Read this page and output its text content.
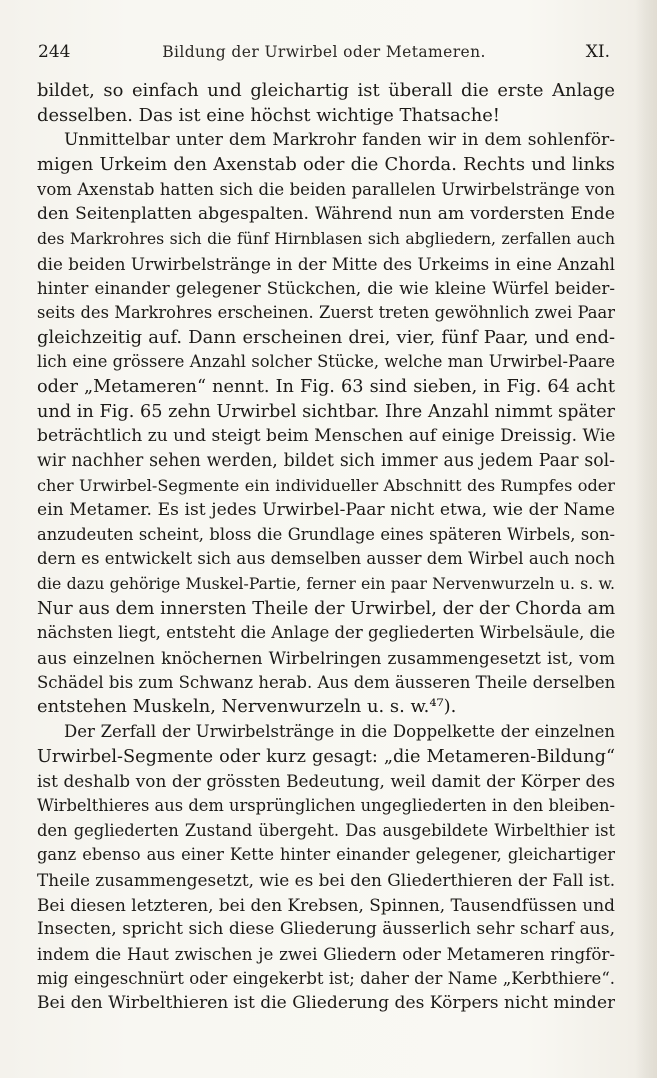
244	Bildung der Urwirbel oder Metameren.	XI.
bildet, so einfach und gleichartig ist überall die erste Anlage
desselben. Das ist eine höchst wichtige Thatsache!
Unmittelbar unter dem Markrohr fanden wir in dem sohlenför-
migen Urkeim den Axenstab oder die Chorda. Rechts und links
vom Axenstab hatten sich die beiden parallelen Urwirbelstränge von
den Seitenplatten abgespalten. Während nun am vordersten Ende
des Markrohres sich die fünf Hirnblasen sich abgliedern, zerfallen auch
die beiden Urwirbelstränge in der Mitte des Urkeims in eine Anzahl
hinter einander gelegener Stückchen, die wie kleine Würfel beider-
seits des Markrohres erscheinen. Zuerst treten gewöhnlich zwei Paar
gleichzeitig auf. Dann erscheinen drei, vier, fünf Paar, und end-
lich eine grössere Anzahl solcher Stücke, welche man Urwirbel-Paare
oder „Metameren“ nennt. In Fig. 63 sind sieben, in Fig. 64 acht
und in Fig. 65 zehn Urwirbel sichtbar. Ihre Anzahl nimmt später
beträchtlich zu und steigt beim Menschen auf einige Dreissig. Wie
wir nachher sehen werden, bildet sich immer aus jedem Paar sol-
cher Urwirbel-Segmente ein individueller Abschnitt des Rumpfes oder
ein Metamer. Es ist jedes Urwirbel-Paar nicht etwa, wie der Name
anzudeuten scheint, bloss die Grundlage eines späteren Wirbels, son-
dern es entwickelt sich aus demselben ausser dem Wirbel auch noch
die dazu gehörige Muskel-Partie, ferner ein paar Nervenwurzeln u. s. w.
Nur aus dem innersten Theile der Urwirbel, der der Chorda am
nächsten liegt, entsteht die Anlage der gegliederten Wirbelsäule, die
aus einzelnen knöchernen Wirbelringen zusammengesetzt ist, vom
Schädel bis zum Schwanz herab. Aus dem äusseren Theile derselben
entstehen Muskeln, Nervenwurzeln u. s. w.⁴⁷).
Der Zerfall der Urwirbelstränge in die Doppelkette der einzelnen
Urwirbel-Segmente oder kurz gesagt: „die Metameren-Bildung“
ist deshalb von der grössten Bedeutung, weil damit der Körper des
Wirbelthieres aus dem ursprünglichen ungegliederten in den bleiben-
den gegliederten Zustand übergeht. Das ausgebildete Wirbelthier ist
ganz ebenso aus einer Kette hinter einander gelegener, gleichartiger
Theile zusammengesetzt, wie es bei den Gliederthieren der Fall ist.
Bei diesen letzteren, bei den Krebsen, Spinnen, Tausendfüssen und
Insecten, spricht sich diese Gliederung äusserlich sehr scharf aus,
indem die Haut zwischen je zwei Gliedern oder Metameren ringför-
mig eingeschnürt oder eingekerbt ist; daher der Name „Kerbthiere“.
Bei den Wirbelthieren ist die Gliederung des Körpers nicht minder
